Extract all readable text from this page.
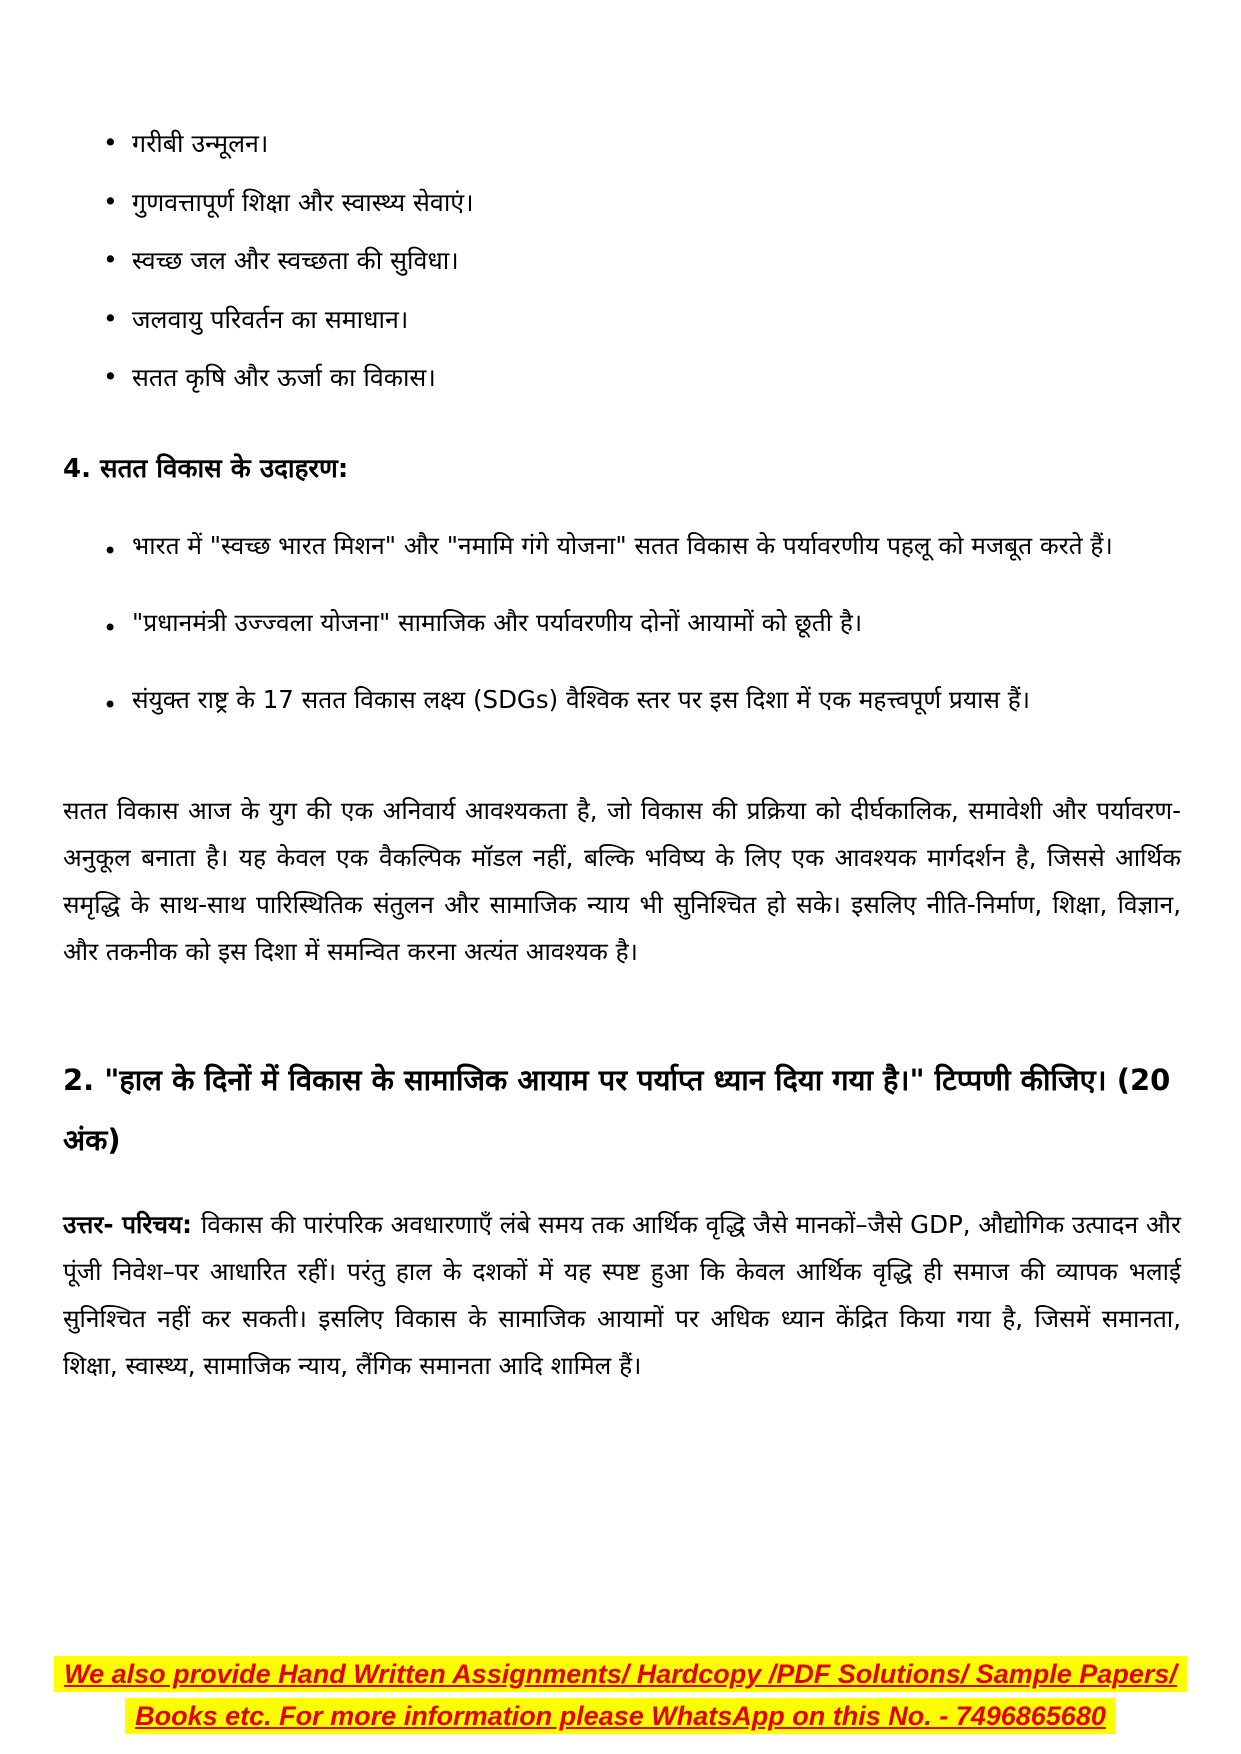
• गरीबी उन्मूलन।
• गुणवत्तापूर्ण शिक्षा और स्वास्थ्य सेवाएं।
• स्वच्छ जल और स्वच्छता की सुविधा।
• जलवायु परिवर्तन का समाधान।
• सतत कृषि और ऊर्जा का विकास।
4. सतत विकास के उदाहरण:
• भारत में "स्वच्छ भारत मिशन" और "नमामि गंगे योजना" सतत विकास के पर्यावरणीय पहलू को मजबूत करते हैं।
• "प्रधानमंत्री उज्ज्वला योजना" सामाजिक और पर्यावरणीय दोनों आयामों को छूती है।
• संयुक्त राष्ट्र के 17 सतत विकास लक्ष्य (SDGs) वैश्विक स्तर पर इस दिशा में एक महत्त्वपूर्ण प्रयास हैं।

सतत विकास आज के युग की एक अनिवार्य आवश्यकता है, जो विकास की प्रक्रिया को दीर्घकालिक, समावेशी और पर्यावरण-अनुकूल बनाता है। यह केवल एक वैकल्पिक मॉडल नहीं, बल्कि भविष्य के लिए एक आवश्यक मार्गदर्शन है, जिससे आर्थिक समृद्धि के साथ-साथ पारिस्थितिक संतुलन और सामाजिक न्याय भी सुनिश्चित हो सके। इसलिए नीति-निर्माण, शिक्षा, विज्ञान, और तकनीक को इस दिशा में समन्वित करना अत्यंत आवश्यक है।

2. "हाल के दिनों में विकास के सामाजिक आयाम पर पर्याप्त ध्यान दिया गया है।" टिप्पणी कीजिए। (20 अंक)

उत्तर- परिचय: विकास की पारंपरिक अवधारणाएँ लंबे समय तक आर्थिक वृद्धि जैसे मानकों–जैसे GDP, औद्योगिक उत्पादन और पूंजी निवेश–पर आधारित रहीं। परंतु हाल के दशकों में यह स्पष्ट हुआ कि केवल आर्थिक वृद्धि ही समाज की व्यापक भलाई सुनिश्चित नहीं कर सकती। इसलिए विकास के सामाजिक आयामों पर अधिक ध्यान केंद्रित किया गया है, जिसमें समानता, शिक्षा, स्वास्थ्य, सामाजिक न्याय, लैंगिक समानता आदि शामिल हैं।

We also provide Hand Written Assignments/ Hardcopy /PDF Solutions/ Sample Papers/
Books etc. For more information please WhatsApp on this No. - 7496865680
